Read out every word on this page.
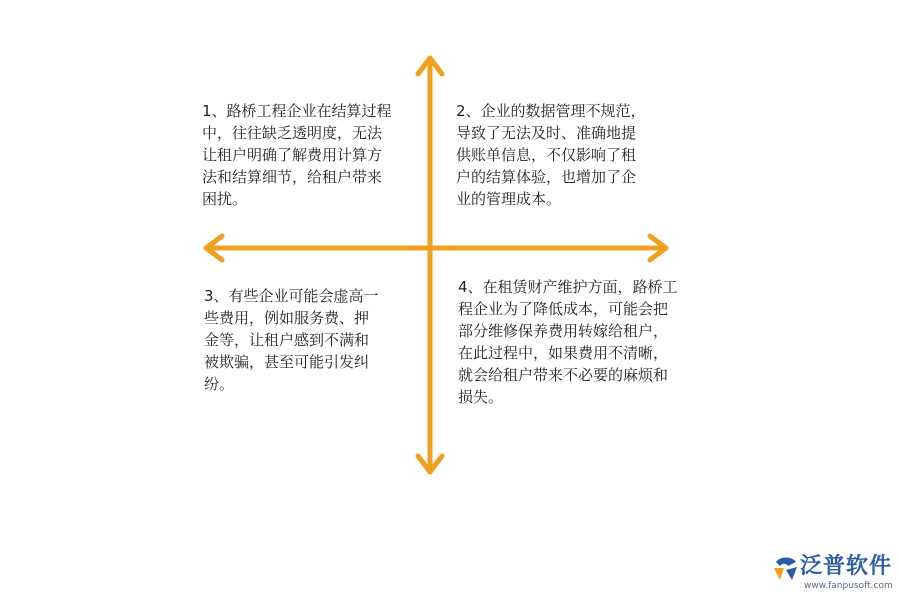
1、路桥工程企业在结算过程
中，往往缺乏透明度，无法
让租户明确了解费用计算方
法和结算细节，给租户带来
困扰。
2、企业的数据管理不规范，
导致了无法及时、准确地提
供账单信息，不仅影响了租
户的结算体验，也增加了企
业的管理成本。
3、有些企业可能会虚高一
些费用，例如服务费、押
金等，让租户感到不满和
被欺骗，甚至可能引发纠
纷。
4、在租赁财产维护方面，路桥工
程企业为了降低成本，可能会把
部分维修保养费用转嫁给租户，
在此过程中，如果费用不清晰，
就会给租户带来不必要的麻烦和
损失。
泛普软件
www.fanpusoft.com
